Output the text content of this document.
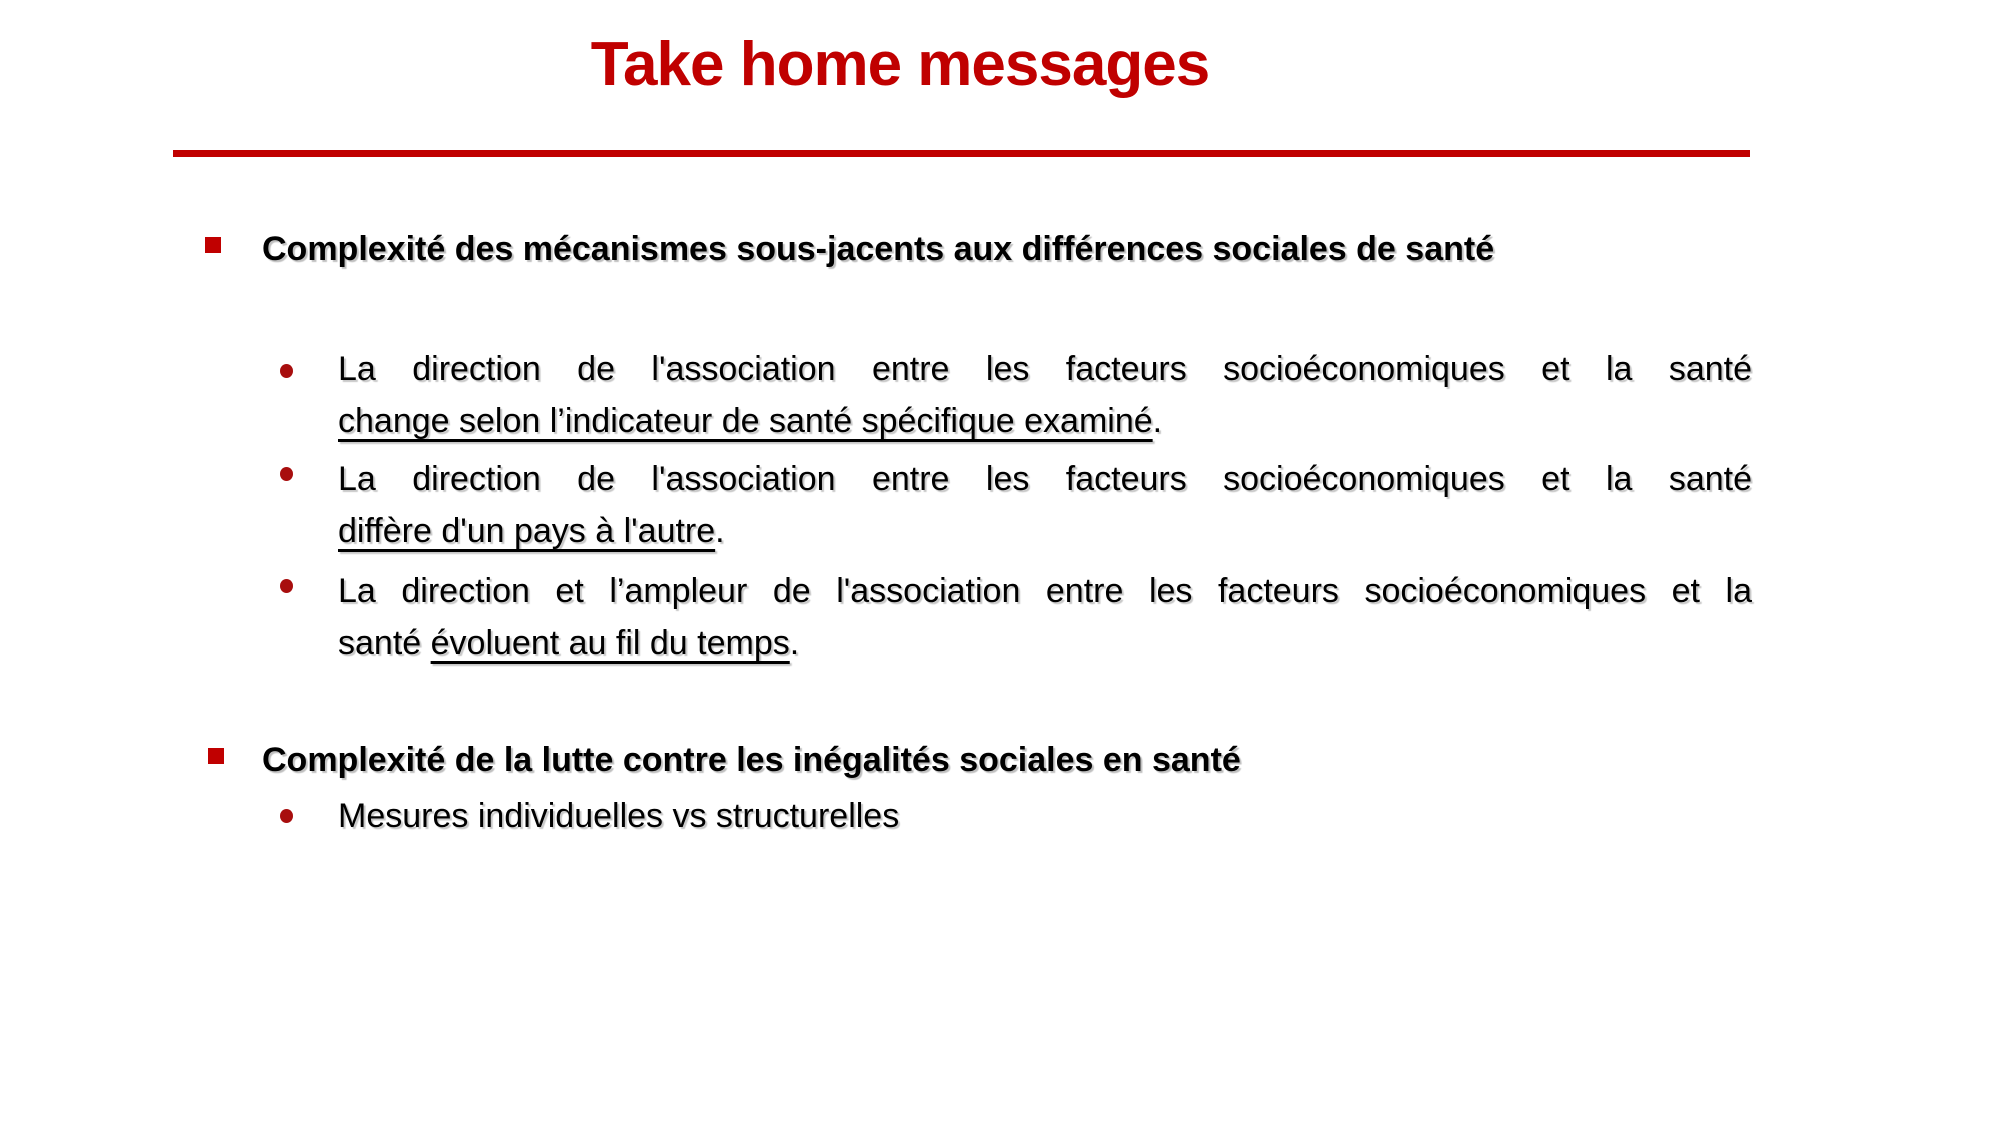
Take home messages
Complexité des mécanismes sous-jacents aux différences sociales de santé
La direction de l'association entre les facteurs socioéconomiques et la santé
change selon l’indicateur de santé spécifique examiné.
La direction de l'association entre les facteurs socioéconomiques et la santé
diffère d'un pays à l'autre.
La direction et l’ampleur de l'association entre les facteurs socioéconomiques et la
santé évoluent au fil du temps.
Complexité de la lutte contre les inégalités sociales en santé
Mesures individuelles vs structurelles
